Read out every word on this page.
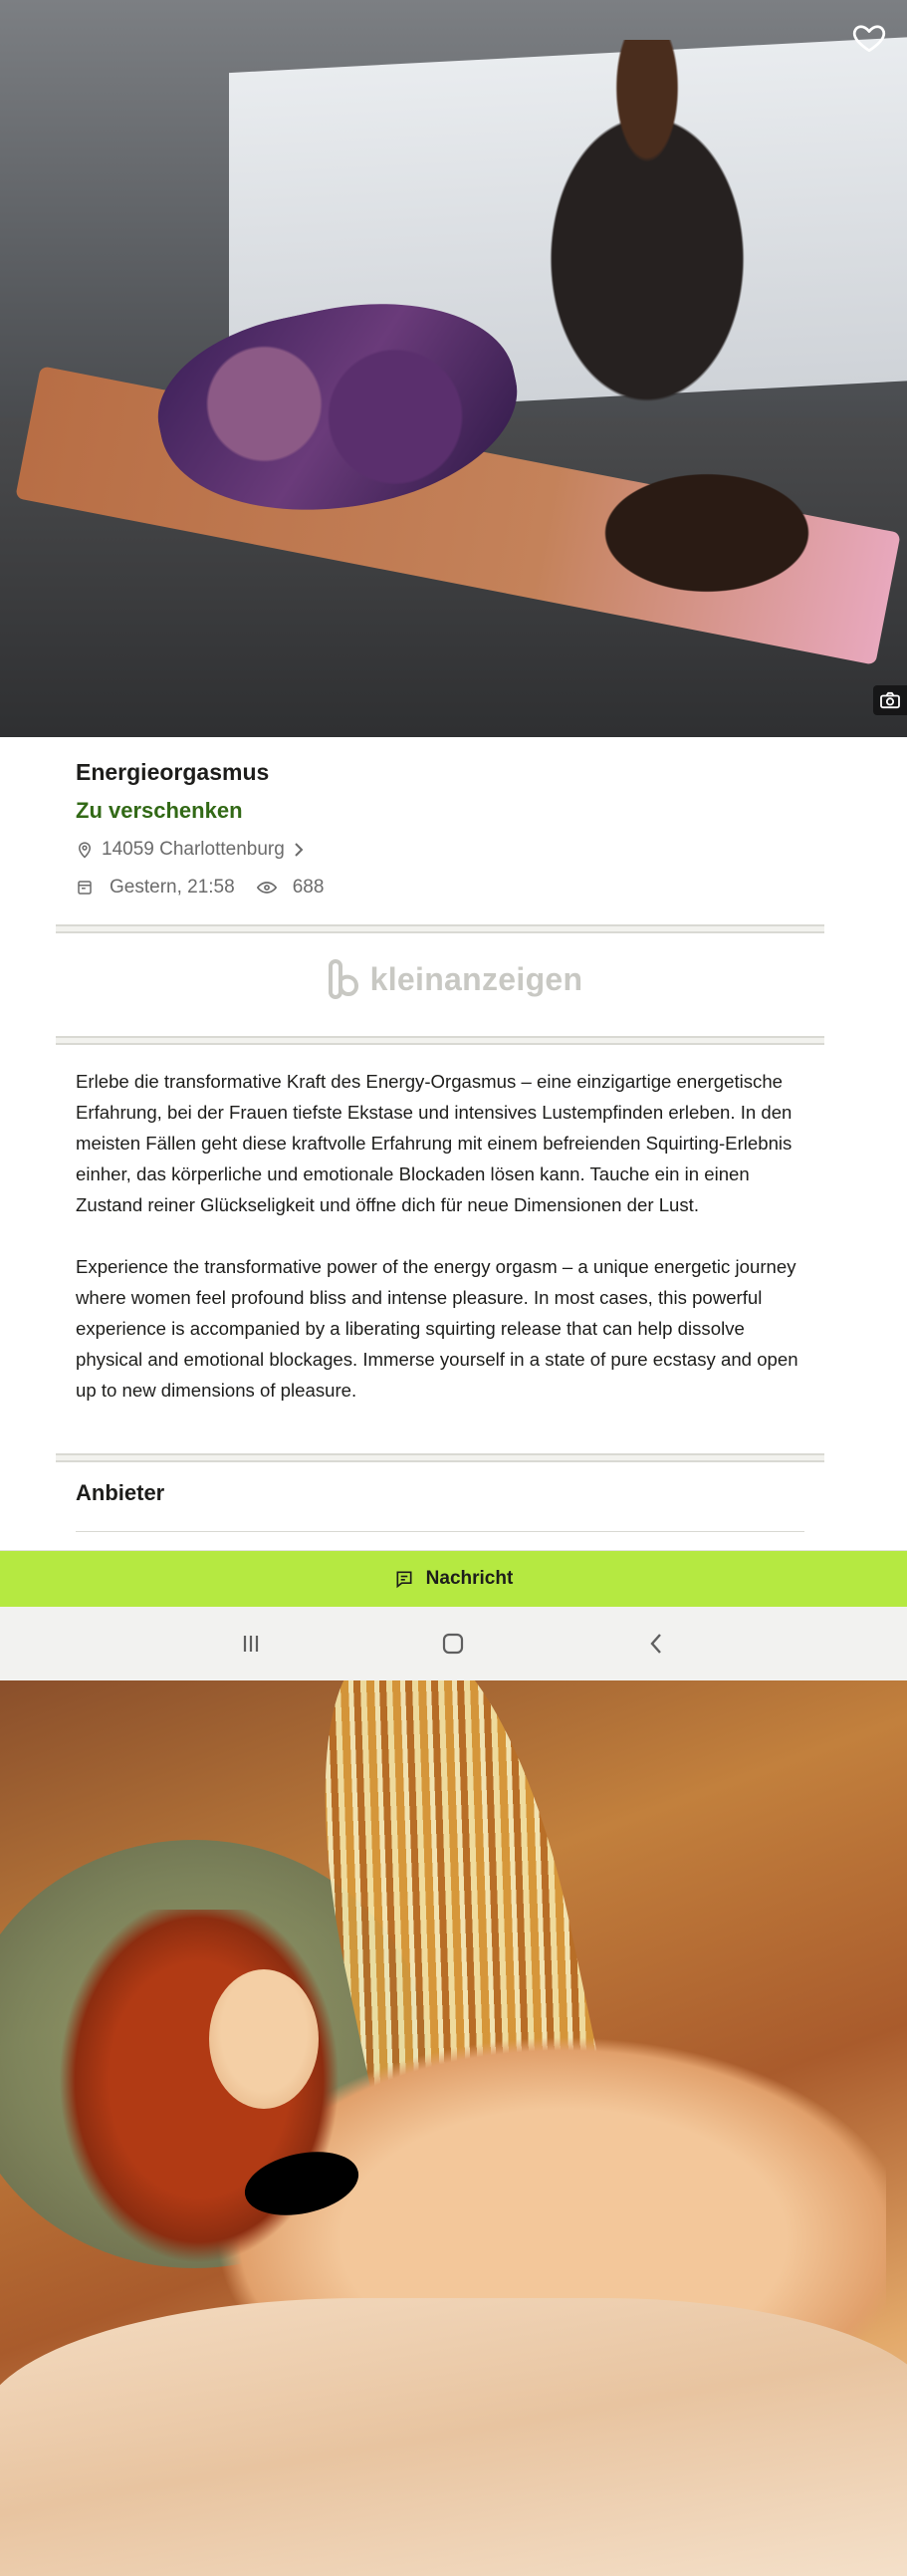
Energieorgasmus
Zu verschenken
14059 Charlottenburg
Gestern, 21:58	688
kleinanzeigen

Erlebe die transformative Kraft des Energy-Orgasmus – eine einzigartige energetische Erfahrung, bei der Frauen tiefste Ekstase und intensives Lustempfinden erleben. In den meisten Fällen geht diese kraftvolle Erfahrung mit einem befreienden Squirting-Erlebnis einher, das körperliche und emotionale Blockaden lösen kann. Tauche ein in einen Zustand reiner Glückseligkeit und öffne dich für neue Dimensionen der Lust.

Experience the transformative power of the energy orgasm – a unique energetic journey where women feel profound bliss and intense pleasure. In most cases, this powerful experience is accompanied by a liberating squirting release that can help dissolve physical and emotional blockages. Immerse yourself in a state of pure ecstasy and open up to new dimensions of pleasure.

Anbieter
Nachricht
